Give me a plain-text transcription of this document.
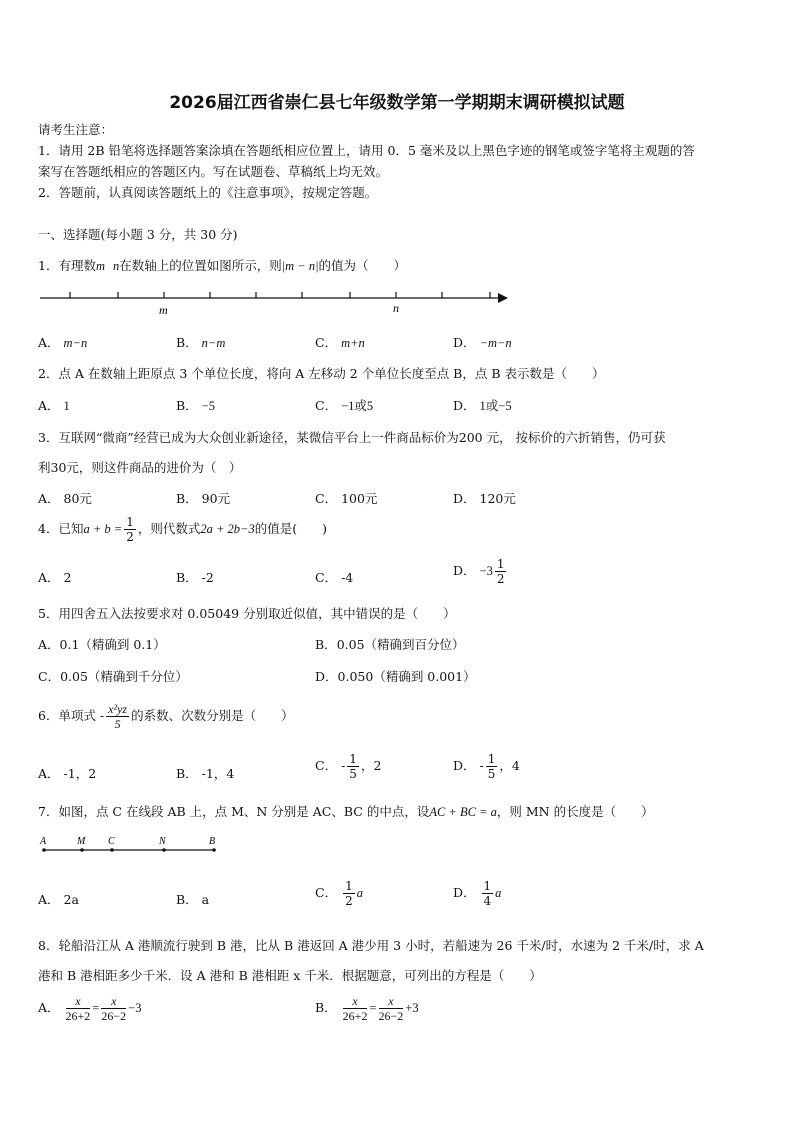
2026届江西省崇仁县七年级数学第一学期期末调研模拟试题
请考生注意：
1．请用 2B 铅笔将选择题答案涂填在答题纸相应位置上，请用 0．5 毫米及以上黑色字迹的钢笔或签字笔将主观题的答
案写在答题纸相应的答题区内。写在试题卷、草稿纸上均无效。
2．答题前，认真阅读答题纸上的《注意事项》，按规定答题。
一、选择题(每小题 3 分，共 30 分)
1．有理数m n在数轴上的位置如图所示，则|m − n|的值为（　　）
m	n
A． m−n	B． n−m	C． m+n	D． −m−n
2．点 A 在数轴上距原点 3 个单位长度，将向 A 左移动 2 个单位长度至点 B，点 B 表示数是（　　）
A． 1	B． −5	C． −1或5	D． 1或−5
3．互联网“微商”经营已成为大众创业新途径，某微信平台上一件商品标价为200 元， 按标价的六折销售，仍可获
利30元，则这件商品的进价为（　）
A． 80元	B． 90元	C． 100元	D． 120元
4．已知$a + b = \frac{1}{2}$ ，则代数式2a + 2b−3的值是(　　)
A． 2	B． -2	C． -4	D． $-3 \frac{1}{2}$
5．用四舍五入法按要求对 0.05049 分别取近似值，其中错误的是（　　）
A．0.1（精确到 0.1）	B．0.05（精确到百分位）
C．0.05（精确到千分位）	D．0.050（精确到 0.001）
6．单项式 - $\frac{\text{x²yz}}{5}$ 的系数、次数分别是（　　）
A． -1，2	B． -1，4
C． - $\frac{1}{5}$ ，2	D． - $\frac{1}{5}$ ，4
7．如图，点 C 在线段 AB 上，点 M、N 分别是 AC、BC 的中点，设AC + BC = a，则 MN 的长度是（　　）
A	M C	N	B
A． 2a	B． a	C． $\frac{1}{2}$ a	D． $\frac{1}{4}$ a
8．轮船沿江从 A 港顺流行驶到 B 港，比从 B 港返回 A 港少用 3 小时，若船速为 26 千米/时，水速为 2 千米/时，求 A
港和 B 港相距多少千米．设 A 港和 B 港相距 x 千米．根据题意，可列出的方程是（　　）
A． $\frac{x}{26+2} = \frac{x}{26-2} -3$	B． $\frac{x}{26+2} = \frac{x}{26-2} +3$
